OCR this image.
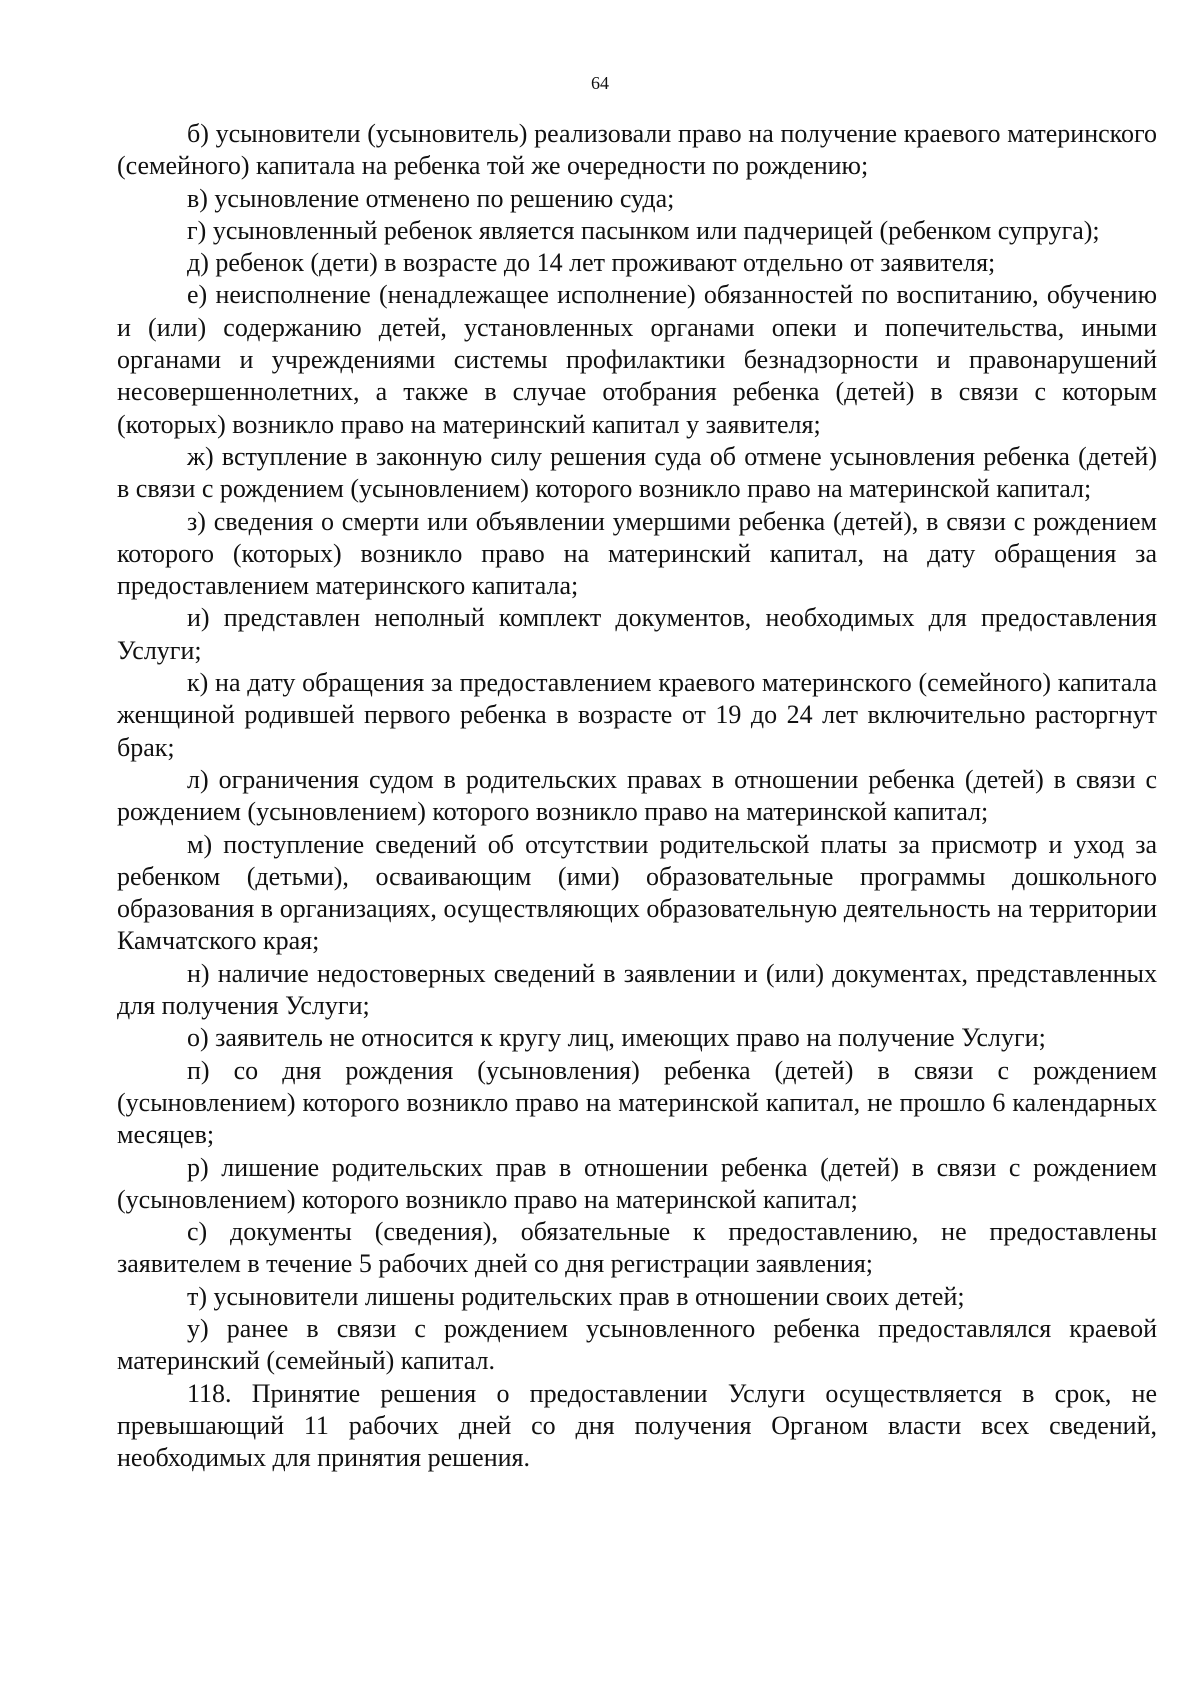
64

б) усыновители (усыновитель) реализовали право на получение краевого материнского (семейного) капитала на ребенка той же очередности по рождению;

в) усыновление отменено по решению суда;

г) усыновленный ребенок является пасынком или падчерицей (ребенком супруга);

д) ребенок (дети) в возрасте до 14 лет проживают отдельно от заявителя;

е) неисполнение (ненадлежащее исполнение) обязанностей по воспитанию, обучению и (или) содержанию детей, установленных органами опеки и попечительства, иными органами и учреждениями системы профилактики безнадзорности и правонарушений несовершеннолетних, а также в случае отобрания ребенка (детей) в связи с которым (которых) возникло право на материнский капитал у заявителя;

ж) вступление в законную силу решения суда об отмене усыновления ребенка (детей) в связи с рождением (усыновлением) которого возникло право на материнской капитал;

з) сведения о смерти или объявлении умершими ребенка (детей), в связи с рождением которого (которых) возникло право на материнский капитал, на дату обращения за предоставлением материнского капитала;

и) представлен неполный комплект документов, необходимых для предоставления Услуги;

к) на дату обращения за предоставлением краевого материнского (семейного) капитала женщиной родившей первого ребенка в возрасте от 19 до 24 лет включительно расторгнут брак;

л) ограничения судом в родительских правах в отношении ребенка (детей) в связи с рождением (усыновлением) которого возникло право на материнской капитал;

м) поступление сведений об отсутствии родительской платы за присмотр и уход за ребенком (детьми), осваивающим (ими) образовательные программы дошкольного образования в организациях, осуществляющих образовательную деятельность на территории Камчатского края;

н) наличие недостоверных сведений в заявлении и (или) документах, представленных для получения Услуги;

о) заявитель не относится к кругу лиц, имеющих право на получение Услуги;

п) со дня рождения (усыновления) ребенка (детей) в связи с рождением (усыновлением) которого возникло право на материнской капитал, не прошло 6 календарных месяцев;

р) лишение родительских прав в отношении ребенка (детей) в связи с рождением (усыновлением) которого возникло право на материнской капитал;

с) документы (сведения), обязательные к предоставлению, не предоставлены заявителем в течение 5 рабочих дней со дня регистрации заявления;

т) усыновители лишены родительских прав в отношении своих детей;

у) ранее в связи с рождением усыновленного ребенка предоставлялся краевой материнский (семейный) капитал.

118. Принятие решения о предоставлении Услуги осуществляется в срок, не превышающий 11 рабочих дней со дня получения Органом власти всех сведений, необходимых для принятия решения.
